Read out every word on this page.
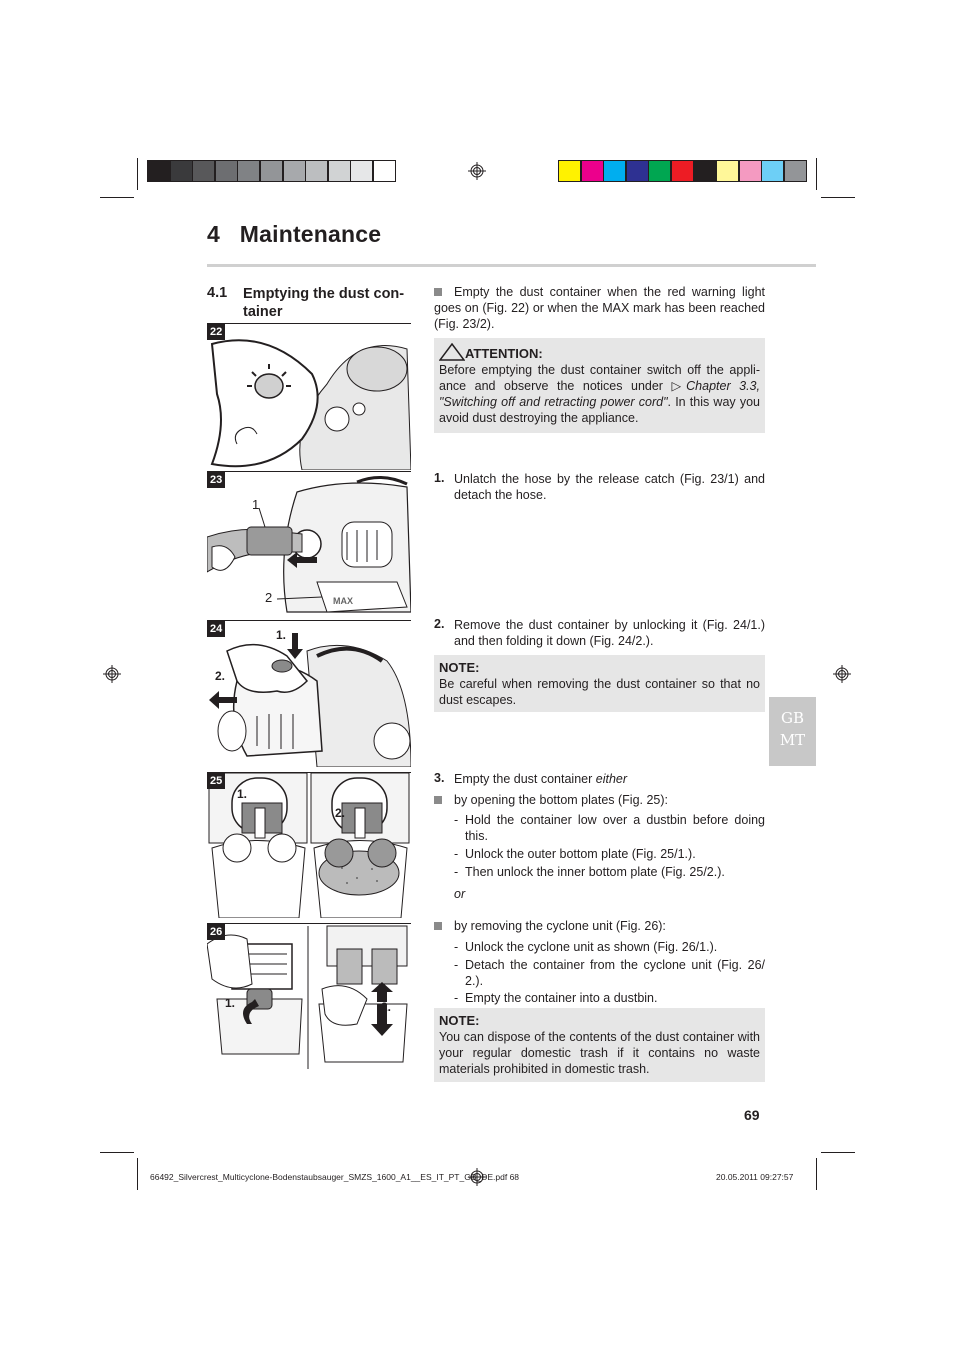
4   Maintenance
4.1 Emptying the dust con-tainer
22
MAX
23
1
2
24	1.
2.
25
1.
2.
26
1.	2.
Empty the dust container when the red warning light goes on (Fig. 22) or when the MAX mark has been reached (Fig. 23/2).
ATTENTION:
Before emptying the dust container switch off the appli-ance and observe the notices under ▷Chapter 3.3, "Switching off and retracting power cord". In this way you avoid dust destroying the appliance.
1. Unlatch the hose by the release catch (Fig. 23/1) and detach the hose.
2. Remove the dust container by unlocking it (Fig. 24/1.) and then folding it down (Fig. 24/2.).
NOTE:
Be careful when removing the dust container so that no dust escapes.
3. Empty the dust container either
by opening the bottom plates (Fig. 25):
- Hold the container low over a dustbin before doing this.
- Unlock the outer bottom plate (Fig. 25/1.).
- Then unlock the inner bottom plate (Fig. 25/2.).
or
by removing the cyclone unit (Fig. 26):
- Unlock the cyclone unit as shown (Fig. 26/1.).
- Detach the container from the cyclone unit (Fig. 26/ 2.).
- Empty the container into a dustbin.
NOTE:
You can dispose of the contents of the dust container with your regular domestic trash if it contains no waste materials prohibited in domestic trash.
GB
MT
69
66492_Silvercrest_Multicyclone-Bodenstaubsauger_SMZS_1600_A1__ES_IT_PT_GB_DE.pdf 68	20.05.2011 09:27:57
